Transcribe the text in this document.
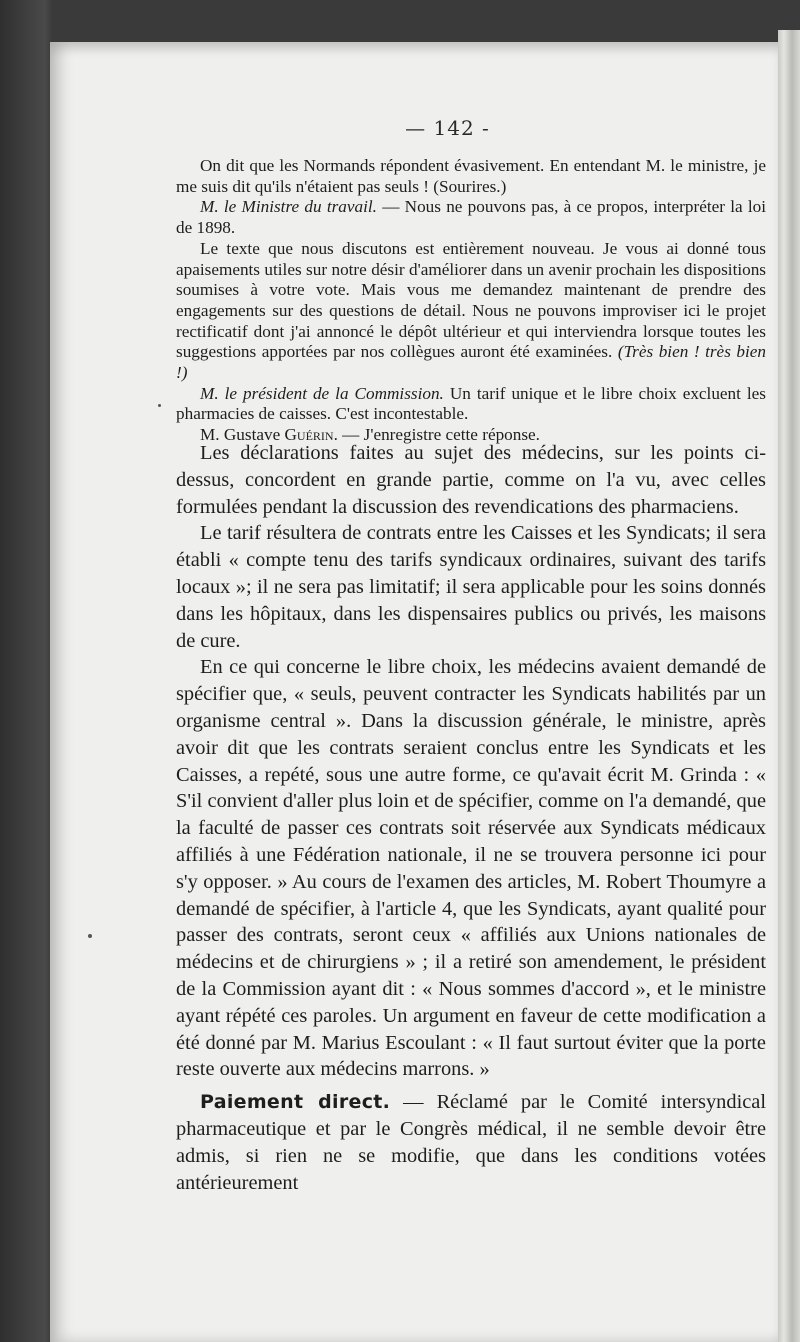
— 142 -

On dit que les Normands répondent évasivement. En entendant M. le ministre, je me suis dit qu'ils n'étaient pas seuls ! (Sourires.)

M. le Ministre du travail. — Nous ne pouvons pas, à ce propos, interpréter la loi de 1898.

Le texte que nous discutons est entièrement nouveau. Je vous ai donné tous apaisements utiles sur notre désir d'améliorer dans un avenir prochain les dispositions soumises à votre vote. Mais vous me demandez maintenant de prendre des engagements sur des questions de détail. Nous ne pouvons improviser ici le projet rectificatif dont j'ai annoncé le dépôt ultérieur et qui interviendra lorsque toutes les suggestions apportées par nos collègues auront été examinées. (Très bien ! très bien !)

M. le président de la Commission. Un tarif unique et le libre choix excluent les pharmacies de caisses. C'est incontestable.

M. Gustave Guérin. — J'enregistre cette réponse.

Les déclarations faites au sujet des médecins, sur les points ci-dessus, concordent en grande partie, comme on l'a vu, avec celles formulées pendant la discussion des revendications des pharmaciens.

Le tarif résultera de contrats entre les Caisses et les Syndicats; il sera établi « compte tenu des tarifs syndicaux ordinaires, suivant des tarifs locaux »; il ne sera pas limitatif; il sera applicable pour les soins donnés dans les hôpitaux, dans les dispensaires publics ou privés, les maisons de cure.

En ce qui concerne le libre choix, les médecins avaient demandé de spécifier que, « seuls, peuvent contracter les Syndicats habilités par un organisme central ». Dans la discussion générale, le ministre, après avoir dit que les contrats seraient conclus entre les Syndicats et les Caisses, a repété, sous une autre forme, ce qu'avait écrit M. Grinda : « S'il convient d'aller plus loin et de spécifier, comme on l'a demandé, que la faculté de passer ces contrats soit réservée aux Syndicats médicaux affiliés à une Fédération nationale, il ne se trouvera personne ici pour s'y opposer. » Au cours de l'examen des articles, M. Robert Thoumyre a demandé de spécifier, à l'article 4, que les Syndicats, ayant qualité pour passer des contrats, seront ceux « affiliés aux Unions nationales de médecins et de chirurgiens » ; il a retiré son amendement, le président de la Commission ayant dit : « Nous sommes d'accord », et le ministre ayant répété ces paroles. Un argument en faveur de cette modification a été donné par M. Marius Escoulant : « Il faut surtout éviter que la porte reste ouverte aux médecins marrons. »

Paiement direct. — Réclamé par le Comité intersyndical pharmaceutique et par le Congrès médical, il ne semble devoir être admis, si rien ne se modifie, que dans les conditions votées antérieurement
